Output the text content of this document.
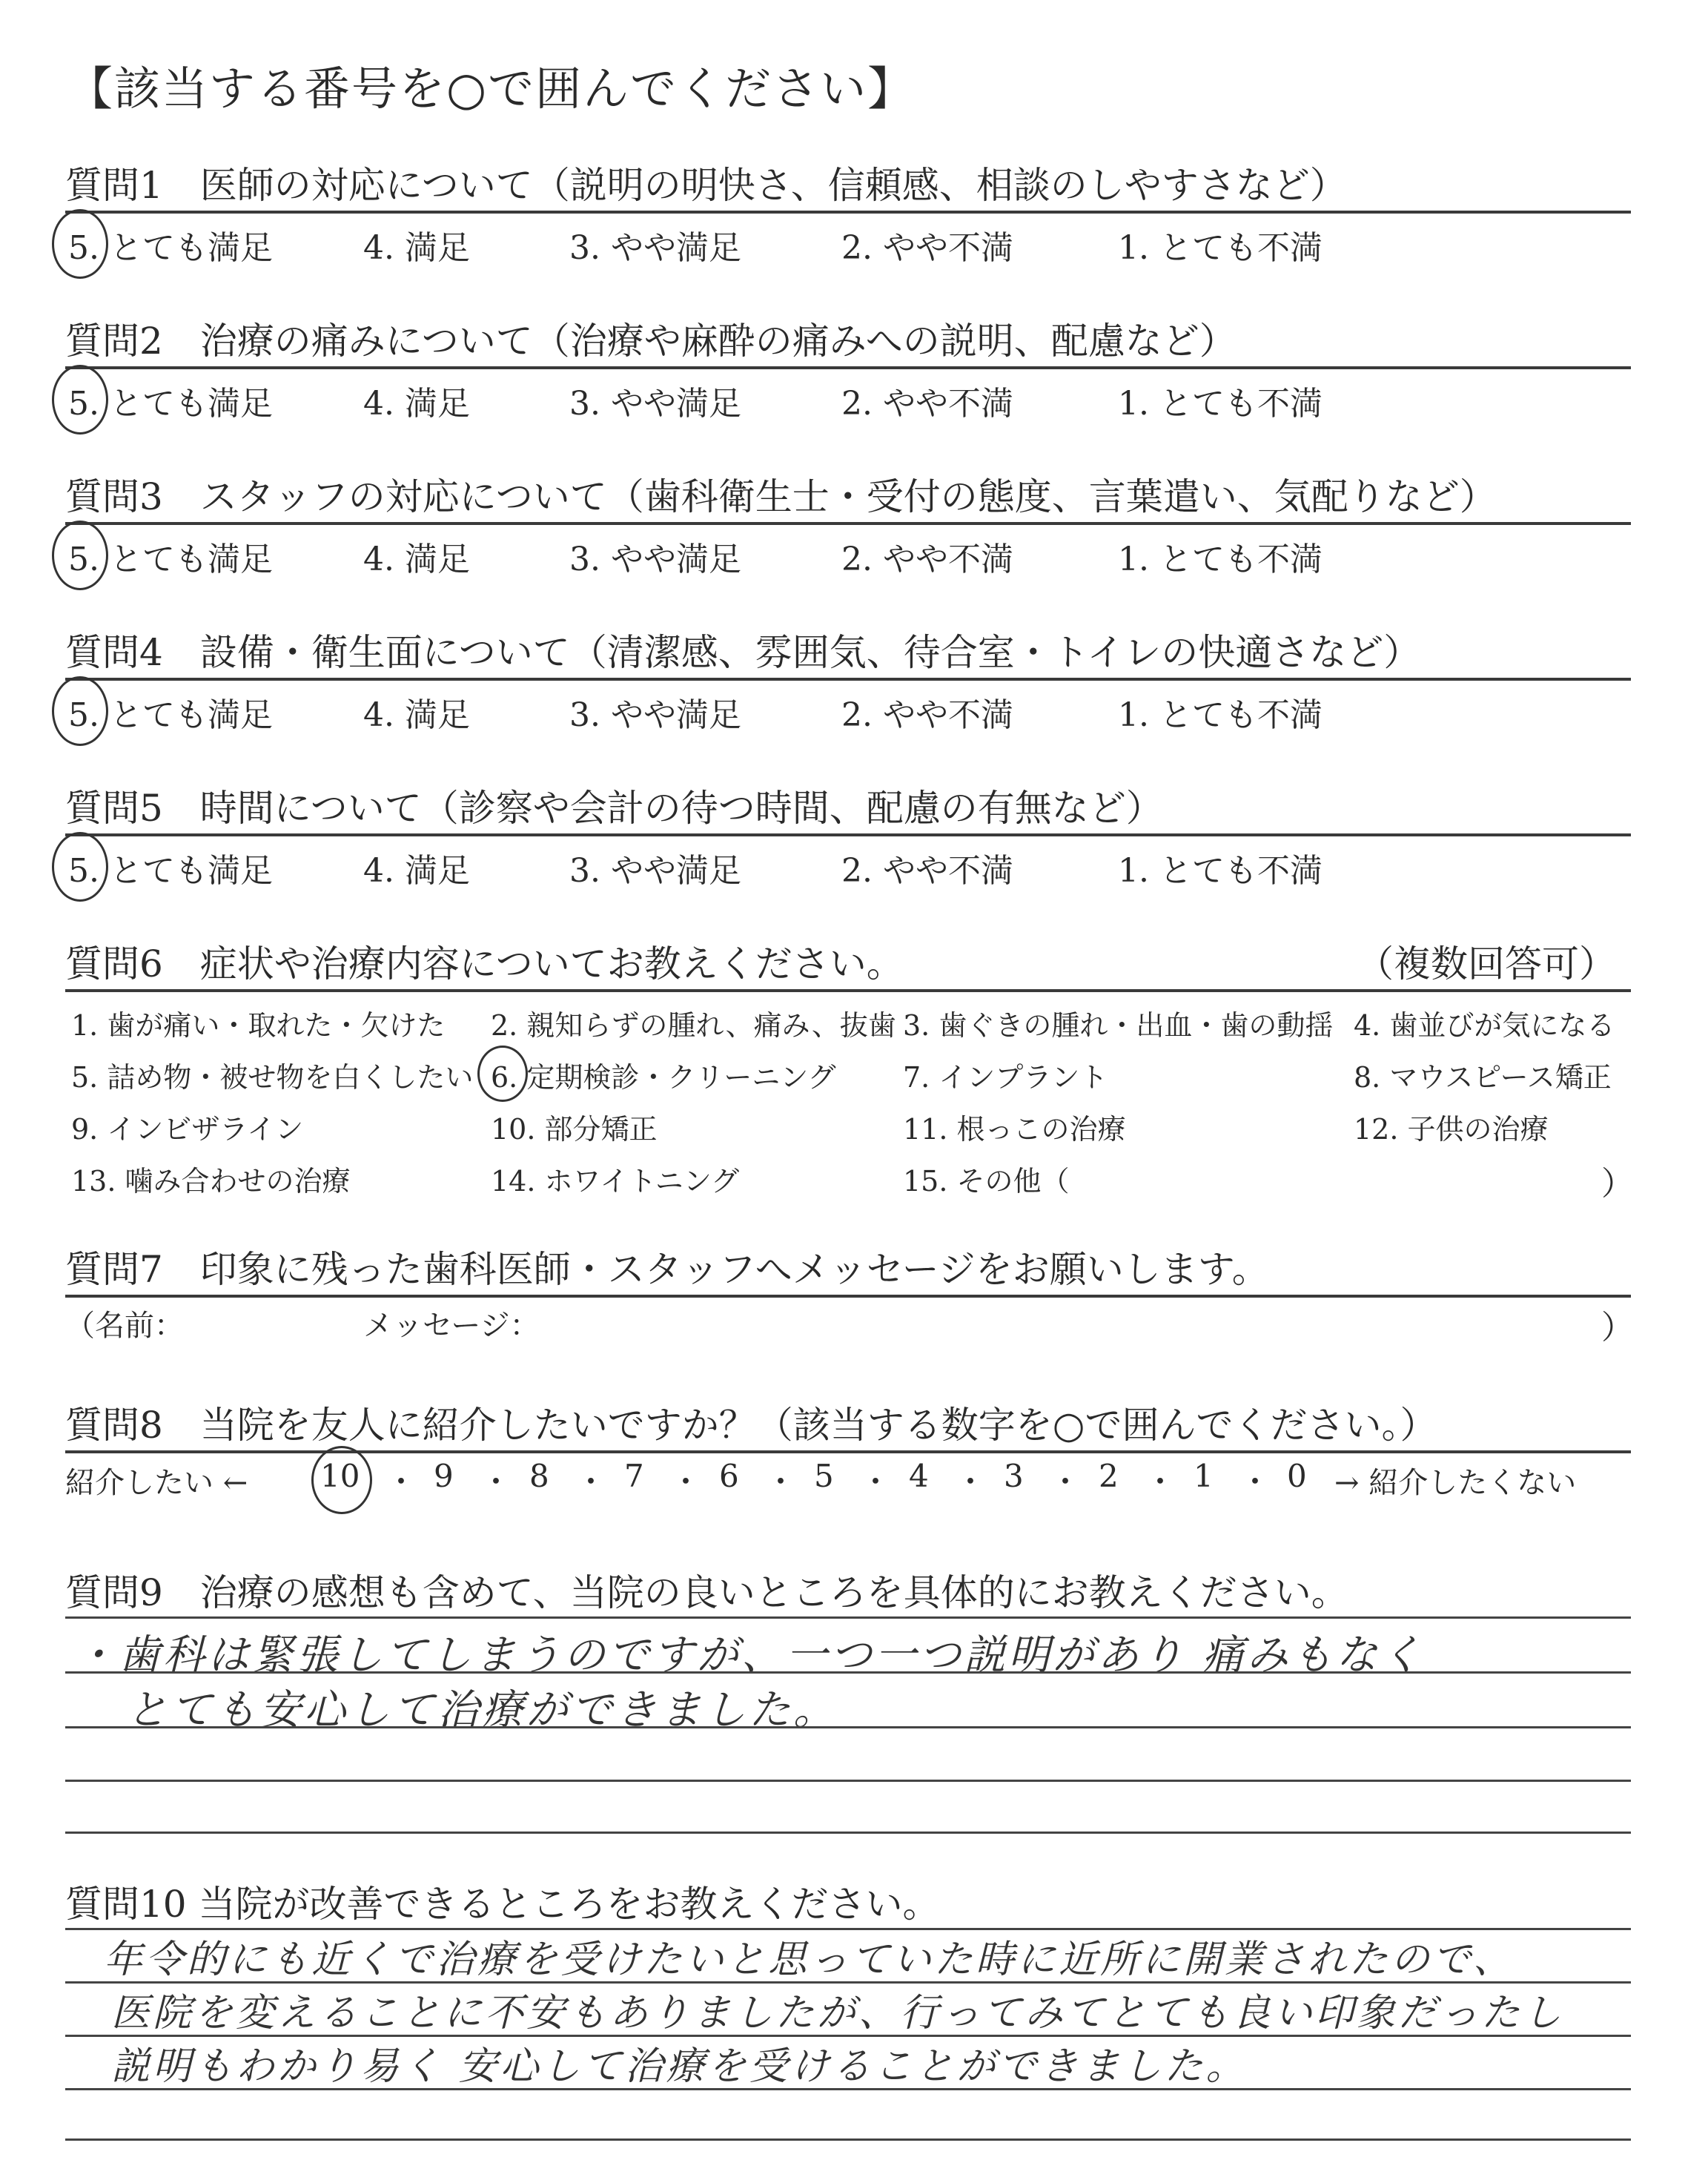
【該当する番号を○で囲んでください】
質問1　医師の対応について（説明の明快さ、信頼感、相談のしやすさなど）
5. とても満足	4. 満足	3. やや満足	2. やや不満	1. とても不満
質問2　治療の痛みについて（治療や麻酔の痛みへの説明、配慮など）
5. とても満足	4. 満足	3. やや満足	2. やや不満	1. とても不満
質問3　スタッフの対応について（歯科衛生士・受付の態度、言葉遣い、気配りなど）
5. とても満足	4. 満足	3. やや満足	2. やや不満	1. とても不満
質問4　設備・衛生面について（清潔感、雰囲気、待合室・トイレの快適さなど）
5. とても満足	4. 満足	3. やや満足	2. やや不満	1. とても不満
質問5　時間について（診察や会計の待つ時間、配慮の有無など）
5. とても満足	4. 満足	3. やや満足	2. やや不満	1. とても不満
質問6　症状や治療内容についてお教えください。	（複数回答可）
1. 歯が痛い・取れた・欠けた 2. 親知らずの腫れ、痛み、抜歯 3. 歯ぐきの腫れ・出血・歯の動揺 4. 歯並びが気になる
5. 詰め物・被せ物を白くしたい 6. 定期検診・クリーニング 7. インプラント	8. マウスピース矯正
9. インビザライン	10. 部分矯正	11. 根っこの治療	12. 子供の治療
13. 噛み合わせの治療	14. ホワイトニング	15. その他（	）
質問7　印象に残った歯科医師・スタッフへメッセージをお願いします。
（名前：	メッセージ：	）
質問8　当院を友人に紹介したいですか？（該当する数字を○で囲んでください。）
紹介したい ← 10 ・ 9 ・ 8 ・ 7 ・ 6 ・ 5 ・ 4 ・ 3 ・ 2 ・ 1 ・ 0 → 紹介したくない
質問9　治療の感想も含めて、当院の良いところを具体的にお教えください。
・歯科は緊張してしまうのですが、一つ一つ説明があり 痛みもなく
とても安心して治療ができました。
質問10 当院が改善できるところをお教えください。
年令的にも近くで治療を受けたいと思っていた時に近所に開業されたので、
医院を変えることに不安もありましたが、行ってみてとても良い印象だったし
説明もわかり易く 安心して治療を受けることができました。
